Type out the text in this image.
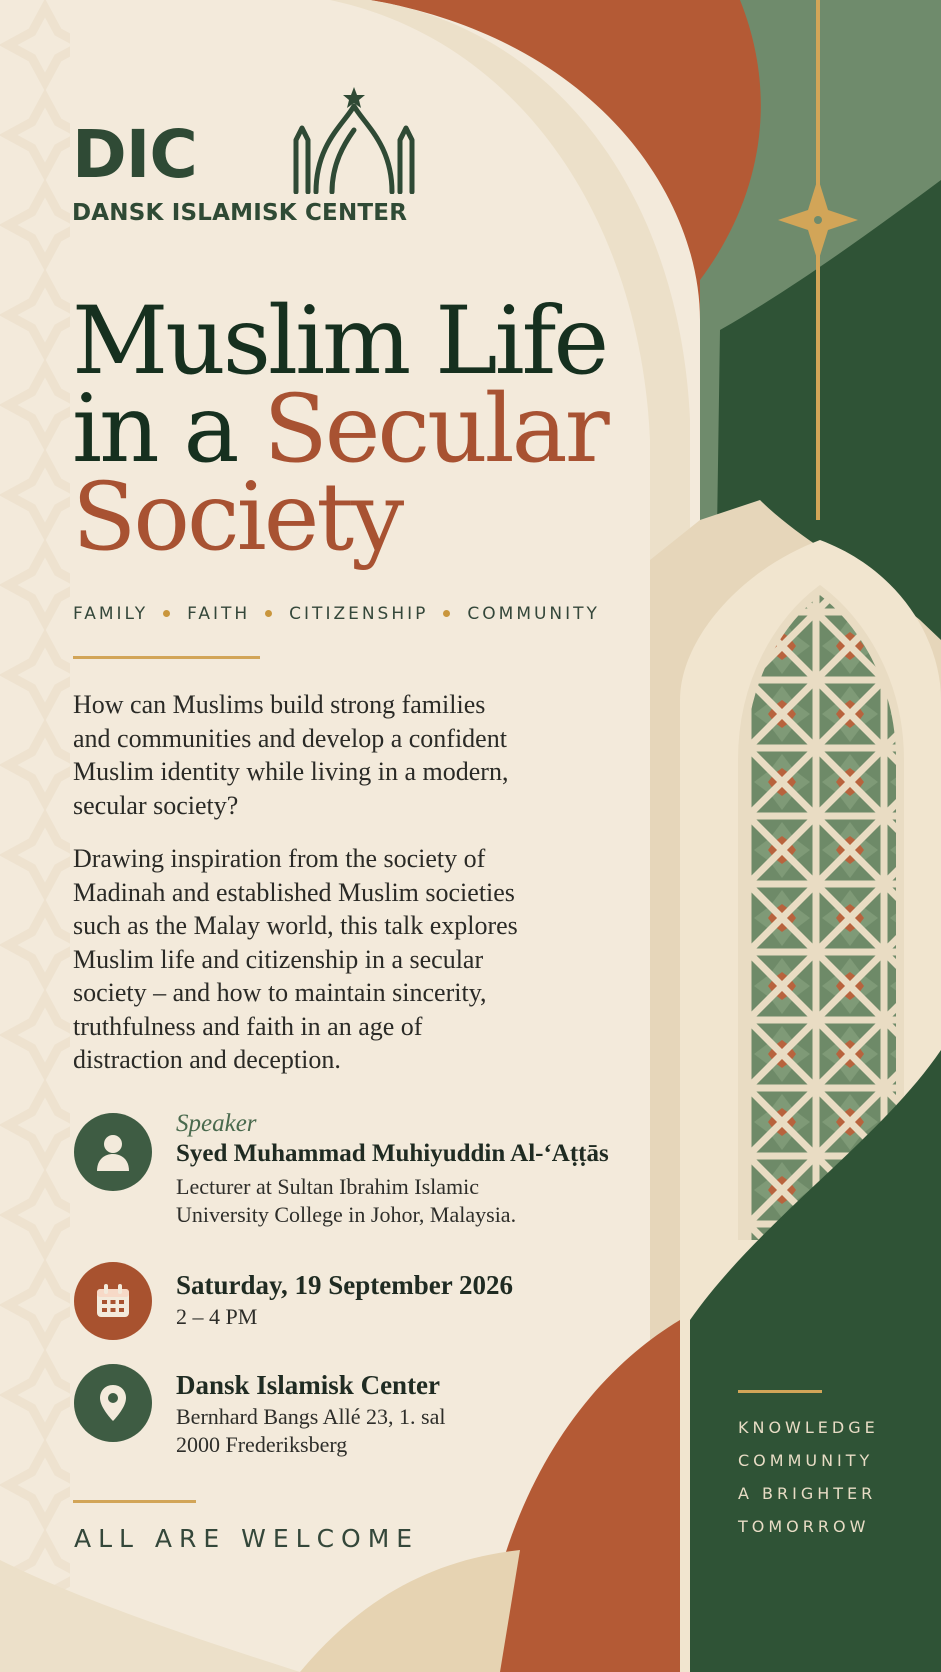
DIC
DANSK ISLAMISK CENTER
Muslim Life
in a Secular
Society
FAMILY FAITH CITIZENSHIP COMMUNITY

How can Muslims build strong families
and communities and develop a confident
Muslim identity while living in a modern,
secular society?

Drawing inspiration from the society of
Madinah and established Muslim societies
such as the Malay world, this talk explores
Muslim life and citizenship in a secular
society – and how to maintain sincerity,
truthfulness and faith in an age of
distraction and deception.

Speaker
Syed Muhammad Muhiyuddin Al-‘Aṭṭās
Lecturer at Sultan Ibrahim Islamic
University College in Johor, Malaysia.
Saturday, 19 September 2026
2 – 4 PM
Dansk Islamisk Center
Bernhard Bangs Allé 23, 1. sal
2000 Frederiksberg
ALL ARE WELCOME
KNOWLEDGE
COMMUNITY
A BRIGHTER
TOMORROW
